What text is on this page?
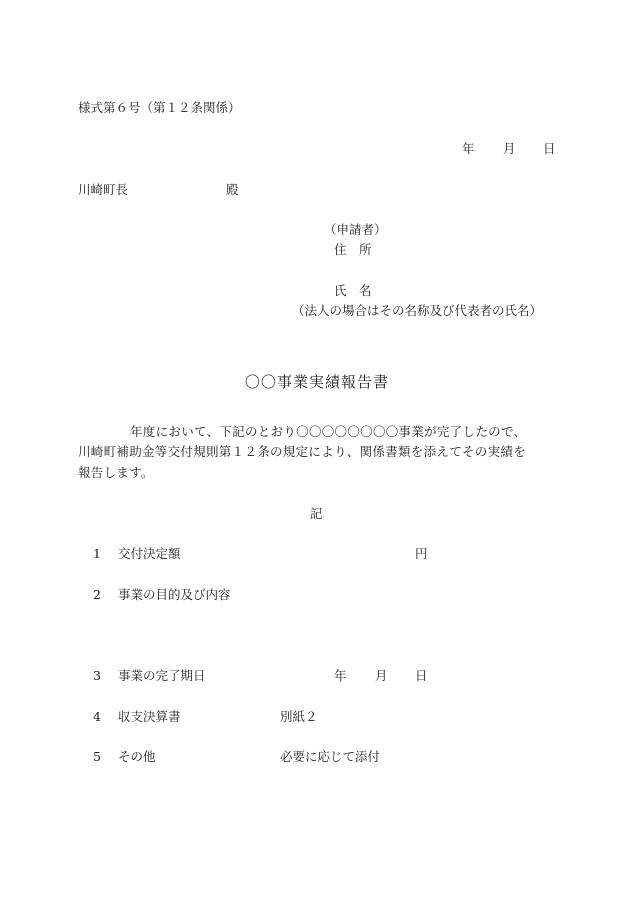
様式第６号（第１２条関係）
年 月 日
川崎町長	殿
（申請者）
住　所
氏　名
（法人の場合はその名称及び代表者の氏名）
〇〇事業実績報告書
年度において、下記のとおり〇〇〇〇〇〇〇〇事業が完了したので、
川崎町補助金等交付規則第１２条の規定により、関係書類を添えてその実績を
報告します。
記
1 交付決定額	円
2 事業の目的及び内容
3 事業の完了期日	年 月 日
4 収支決算書	別紙２
5 その他	必要に応じて添付
